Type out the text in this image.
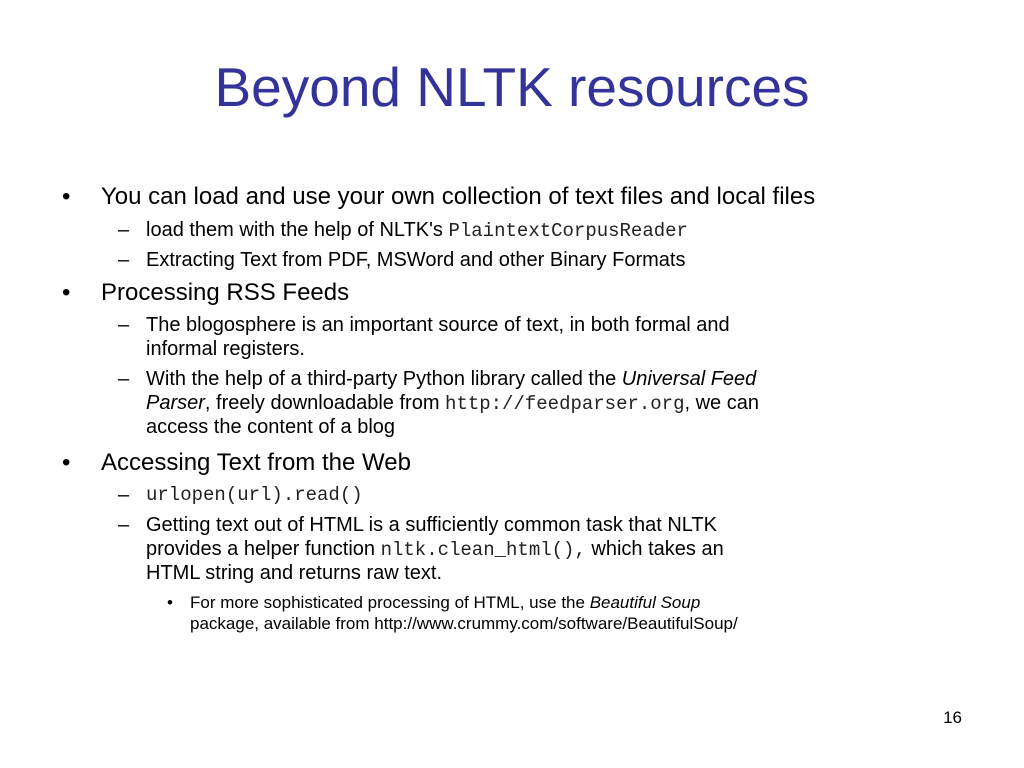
Beyond NLTK resources
• You can load and use your own collection of text files and local files
– load them with the help of NLTK's PlaintextCorpusReader
– Extracting Text from PDF, MSWord and other Binary Formats
• Processing RSS Feeds
– The blogosphere is an important source of text, in both formal and
informal registers.
– With the help of a third-party Python library called the Universal Feed
Parser, freely downloadable from http://feedparser.org, we can
access the content of a blog
• Accessing Text from the Web
– urlopen(url).read()
– Getting text out of HTML is a sufficiently common task that NLTK
provides a helper function nltk.clean_html(), which takes an
HTML string and returns raw text.
• For more sophisticated processing of HTML, use the Beautiful Soup
package, available from http://www.crummy.com/software/BeautifulSoup/
16
